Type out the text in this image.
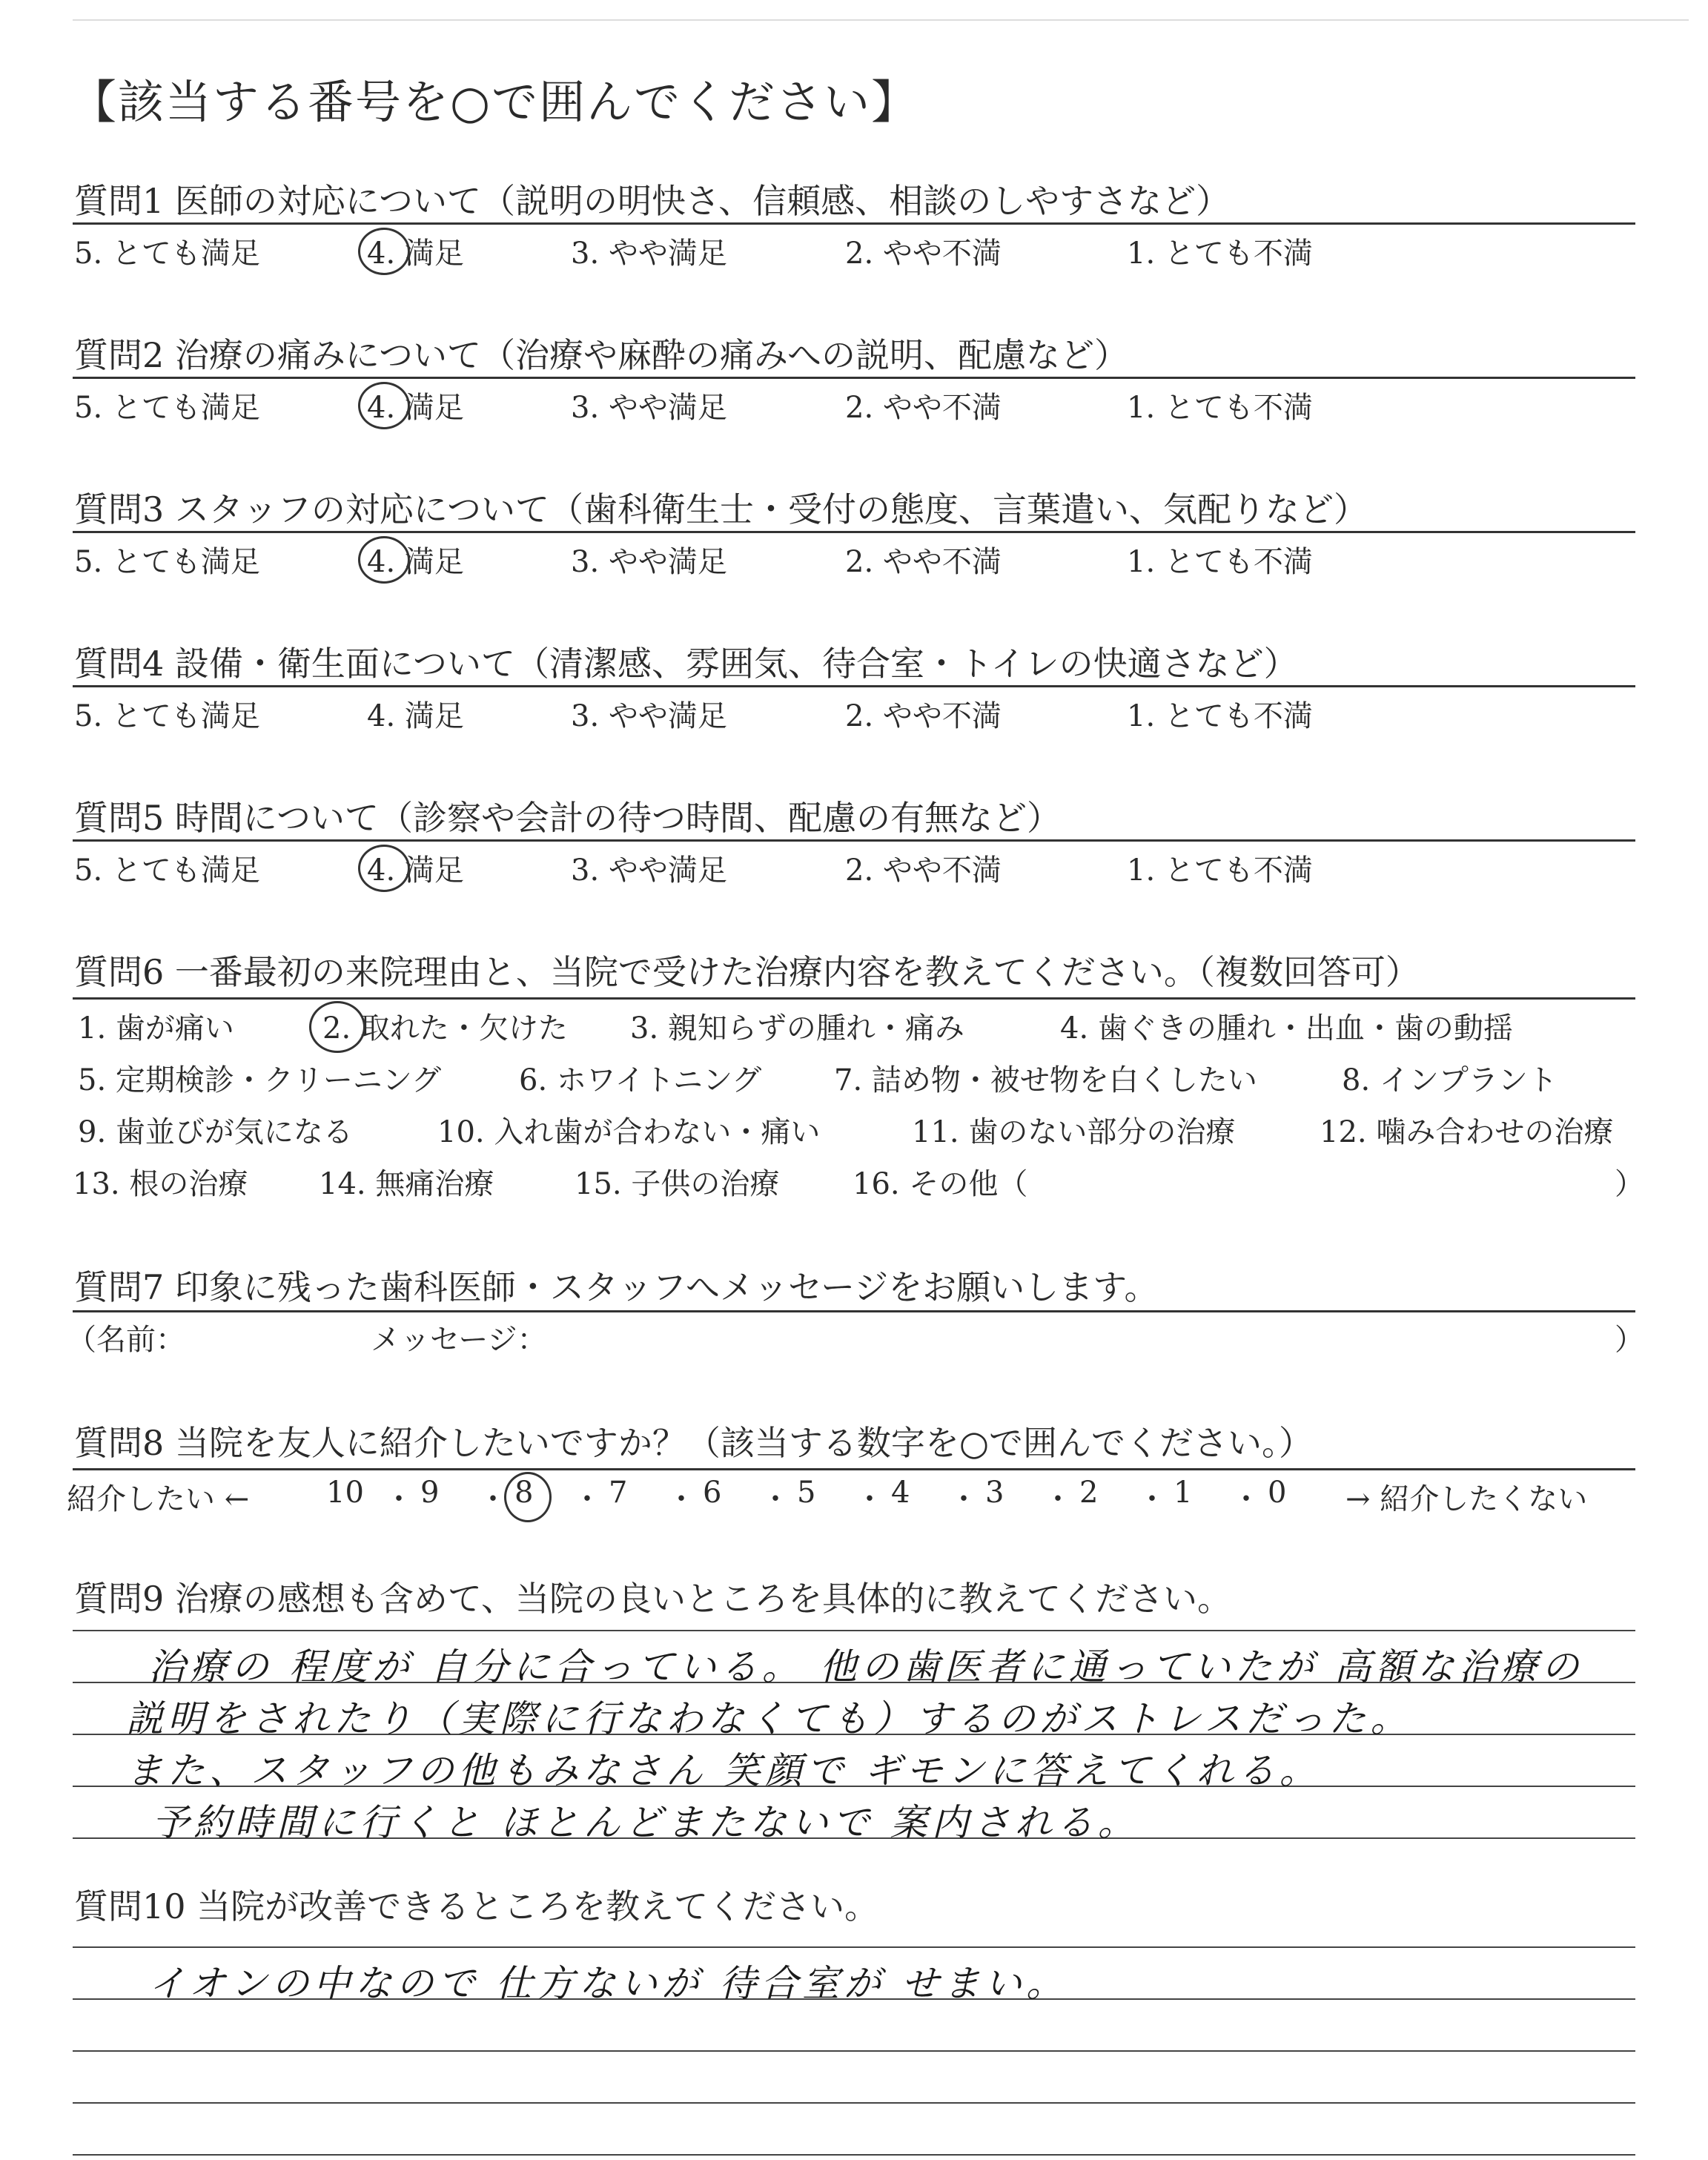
【該当する番号を○で囲んでください】
質問1 医師の対応について（説明の明快さ、信頼感、相談のしやすさなど）
5. とても満足	4. 満足	3. やや満足	2. やや不満	1. とても不満
質問2 治療の痛みについて（治療や麻酔の痛みへの説明、配慮など）
5. とても満足	4. 満足	3. やや満足	2. やや不満	1. とても不満
質問3 スタッフの対応について（歯科衛生士・受付の態度、言葉遣い、気配りなど）
5. とても満足	4. 満足	3. やや満足	2. やや不満	1. とても不満
質問4 設備・衛生面について（清潔感、雰囲気、待合室・トイレの快適さなど）
5. とても満足	4. 満足	3. やや満足	2. やや不満	1. とても不満
質問5 時間について（診察や会計の待つ時間、配慮の有無など）
5. とても満足	4. 満足	3. やや満足	2. やや不満	1. とても不満
質問6 一番最初の来院理由と、当院で受けた治療内容を教えてください。（複数回答可）
1. 歯が痛い	2. 取れた・欠けた 3. 親知らずの腫れ・痛み	4. 歯ぐきの腫れ・出血・歯の動揺
5. 定期検診・クリーニング	6. ホワイトニング 7. 詰め物・被せ物を白くしたい	8. インプラント
9. 歯並びが気になる	10. 入れ歯が合わない・痛い	11. 歯のない部分の治療	12. 噛み合わせの治療
13. 根の治療 14. 無痛治療	15. 子供の治療 16. その他（	）
質問7 印象に残った歯科医師・スタッフへメッセージをお願いします。
（名前：	メッセージ：	）
質問8 当院を友人に紹介したいですか？（該当する数字を○で囲んでください。）
紹介したい ←	10 ・ 9 ・ 8 ・ 7 ・ 6 ・ 5 ・ 4 ・ 3 ・ 2 ・ 1 ・ 0 → 紹介したくない
質問9 治療の感想も含めて、当院の良いところを具体的に教えてください。
治療の 程度が 自分に合っている。 他の歯医者に通っていたが 高額な治療の
説明をされたり（実際に行なわなくても）するのがストレスだった。
また、スタッフの他もみなさん 笑顔で ギモンに答えてくれる。
予約時間に行くと ほとんどまたないで 案内される。
質問10 当院が改善できるところを教えてください。
イオンの中なので 仕方ないが 待合室が せまい。
